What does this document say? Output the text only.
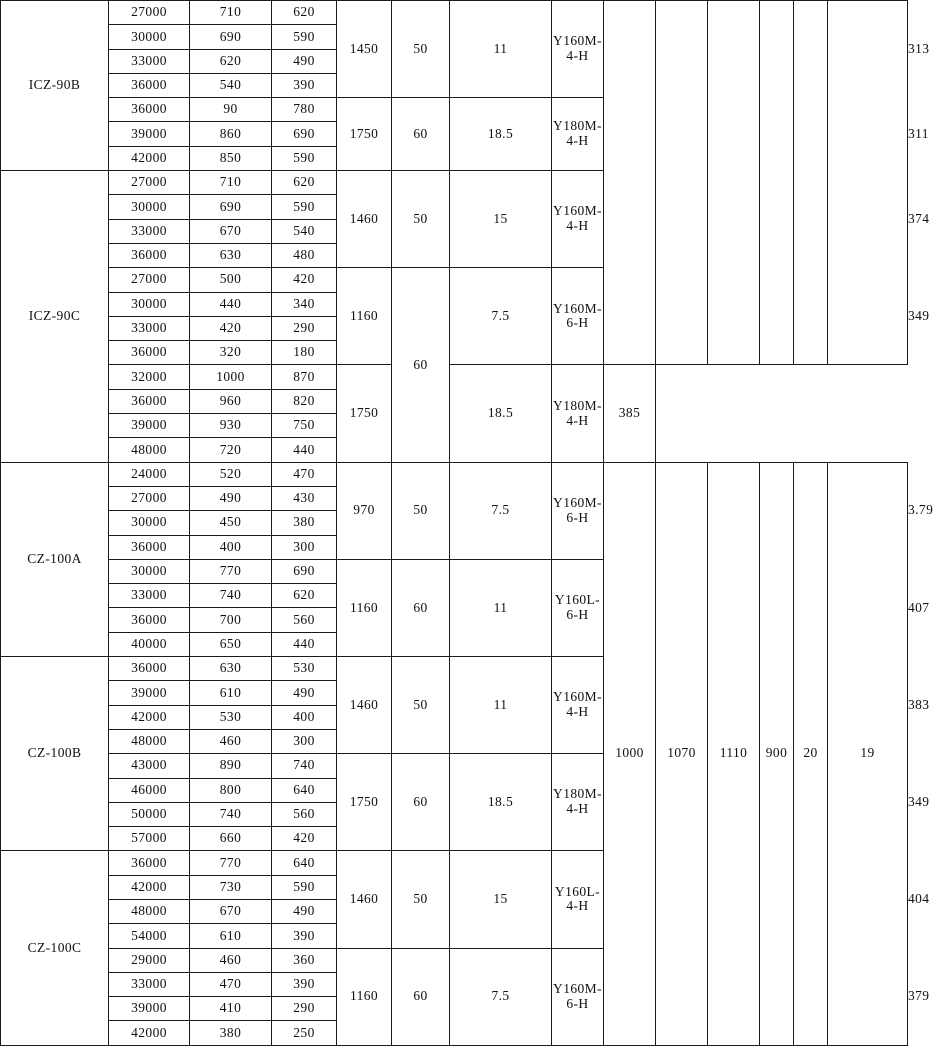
ICZ-90B	27000	710	620	1450	50	11	Y160M-4-H							313
	30000	690	590											
	33000	620	490											
	36000	540	390											
	36000	90	780	1750	60	18.5	Y180M-4-H							311
	39000	860	690											
	42000	850	590											
ICZ-90C	27000	710	620	1460	50	15	Y160M-4-H							374
	30000	690	590											
	33000	670	540											
	36000	630	480											
	27000	500	420	1160	60	7.5	Y160M-6-H							349
	30000	440	340											
	33000	420	290											
	36000	320	180											
	32000	1000	870	1750		18.5	Y180M-4-H	385						
	36000	960	820											
	39000	930	750											
	48000	720	440											
CZ-100A	24000	520	470	970	50	7.5	Y160M-6-H	1000	1070	1110	900	20	19	3.79
	27000	490	430											
	30000	450	380											
	36000	400	300											
	30000	770	690	1160	60	11	Y160L-6-H							407
	33000	740	620											
	36000	700	560											
	40000	650	440											
CZ-100B	36000	630	530	1460	50	11	Y160M-4-H							383
	39000	610	490											
	42000	530	400											
	48000	460	300											
	43000	890	740	1750	60	18.5	Y180M-4-H							349
	46000	800	640											
	50000	740	560											
	57000	660	420											
CZ-100C	36000	770	640	1460	50	15	Y160L-4-H							404
	42000	730	590											
	48000	670	490											
	54000	610	390											
	29000	460	360	1160	60	7.5	Y160M-6-H							379
	33000	470	390											
	39000	410	290											
	42000	380	250											
